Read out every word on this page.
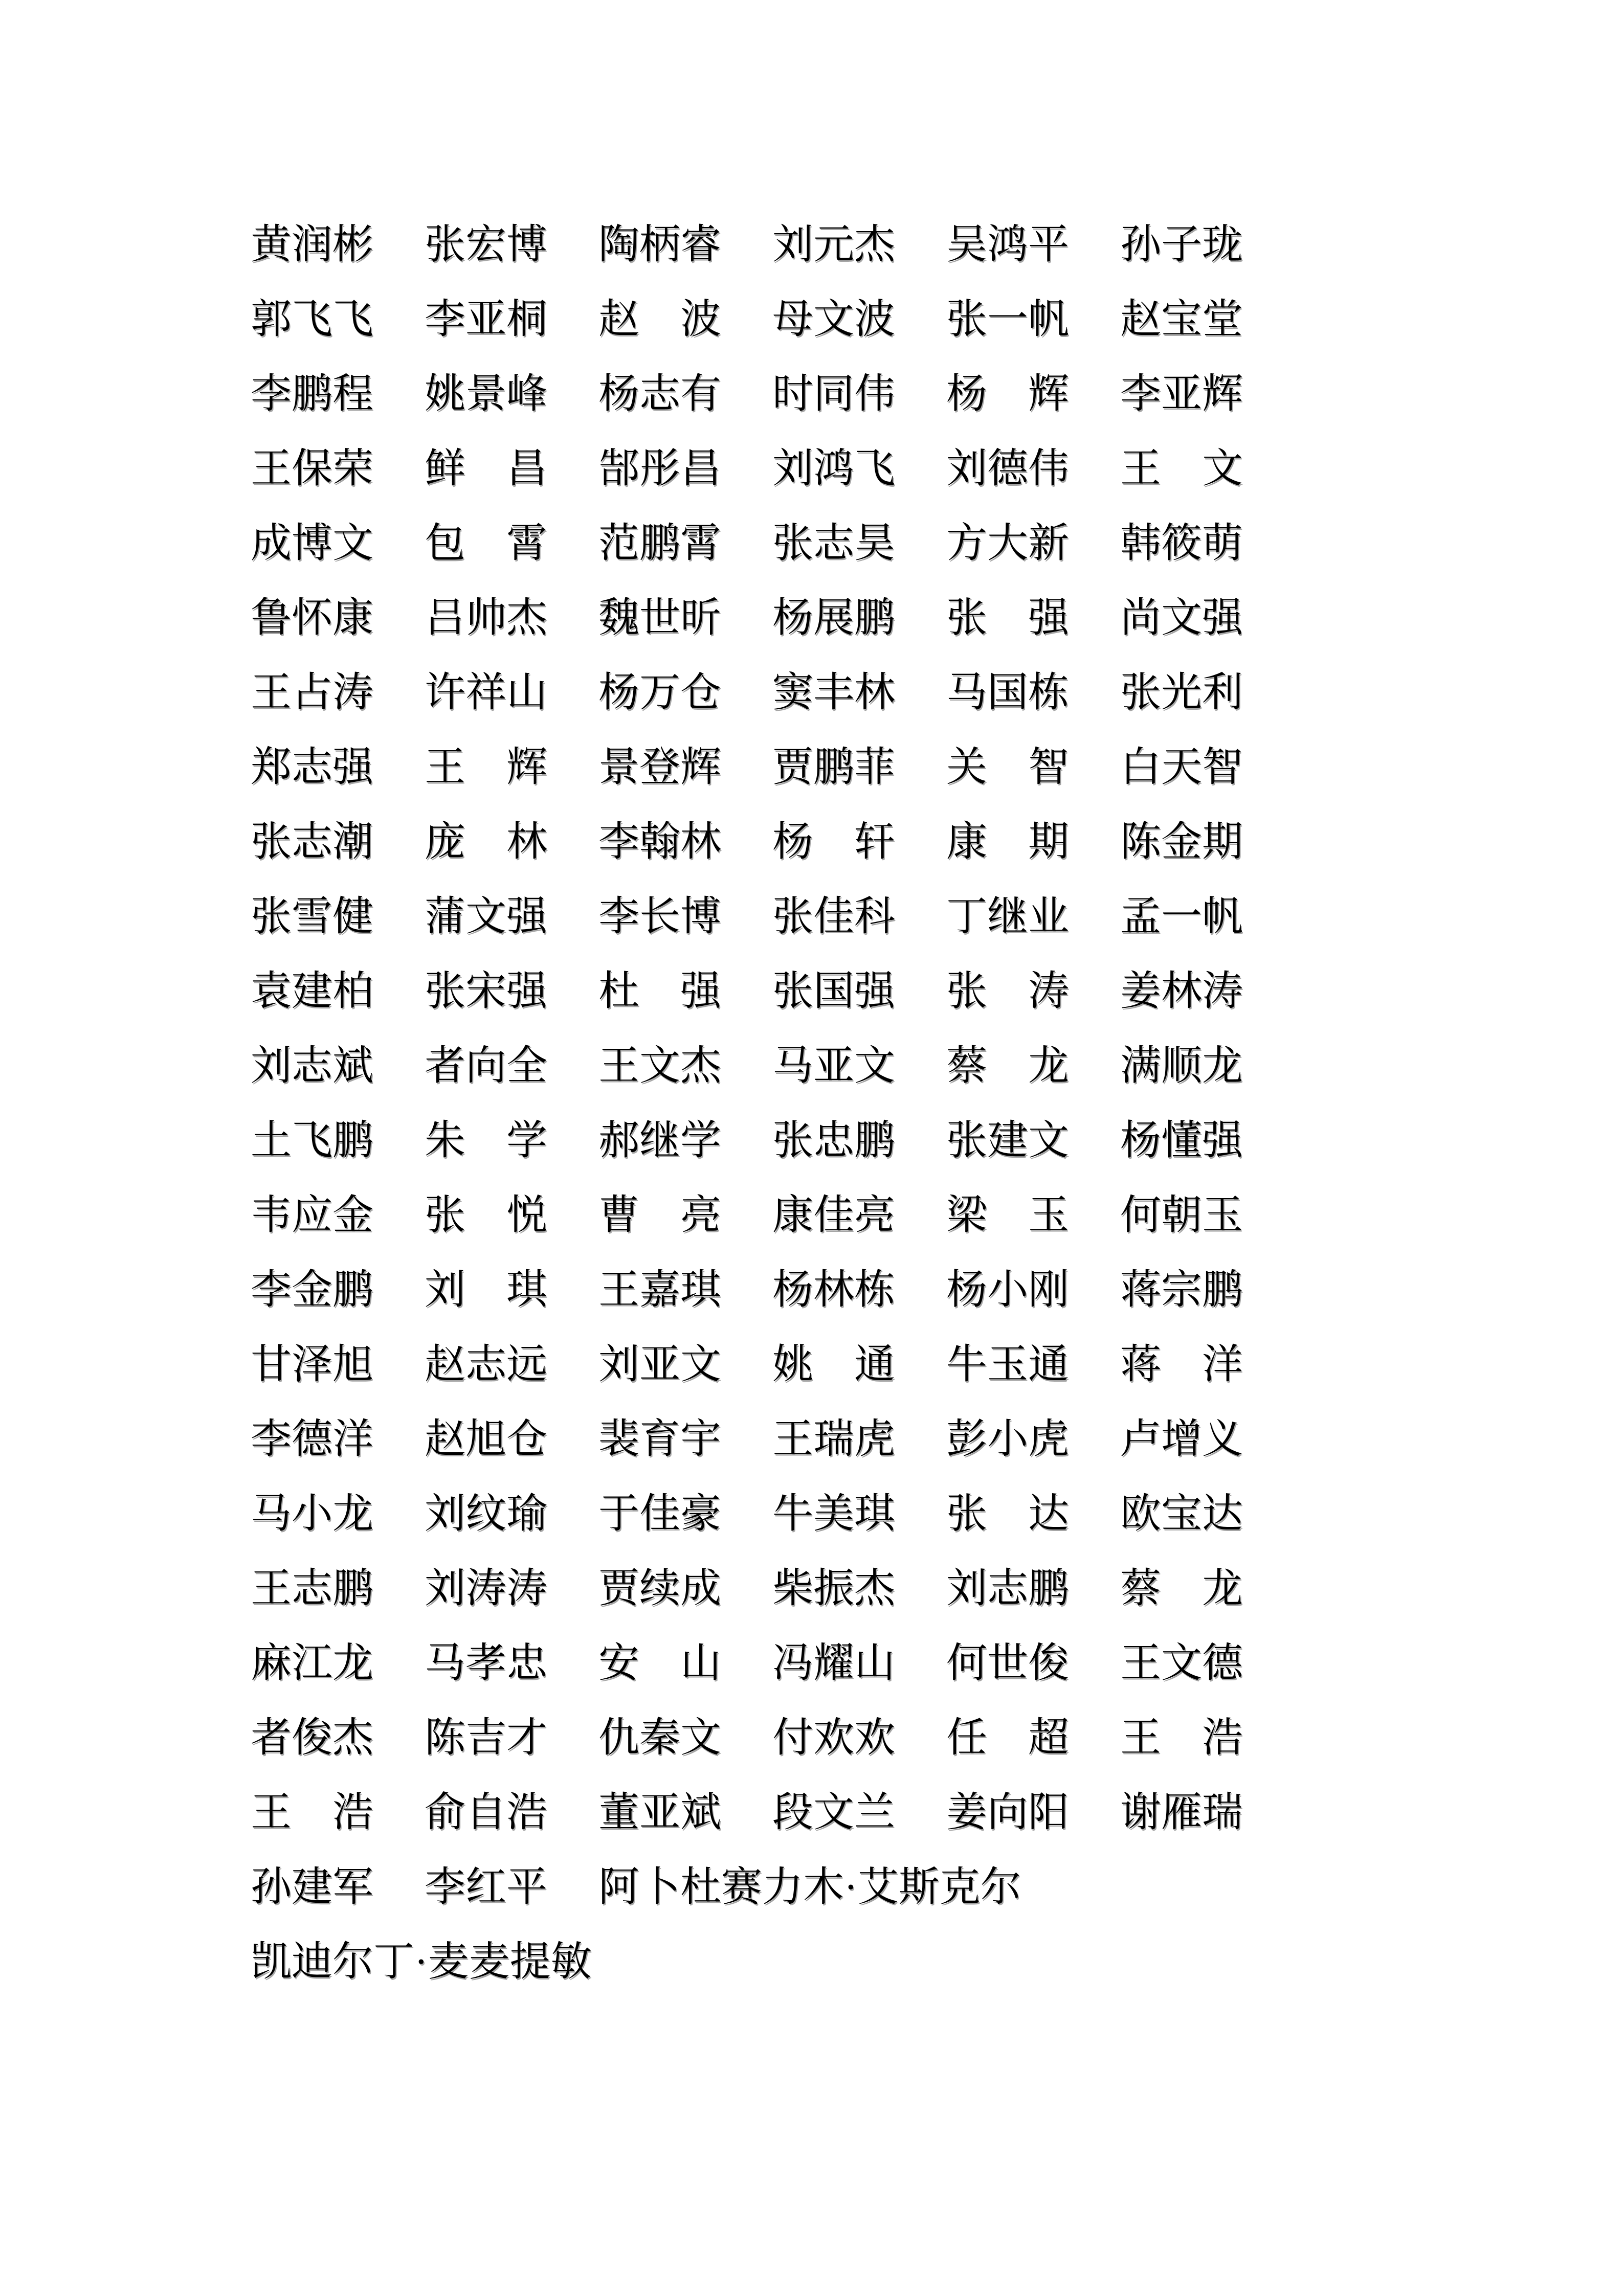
黄润彬 张宏博 陶柄睿 刘元杰 吴鸿平 孙子珑
郭飞飞 李亚桐 赵　波 母文波 张一帆 赵宝堂
李鹏程 姚景峰 杨志有 时同伟 杨　辉 李亚辉
王保荣 鲜　昌 郜彤昌 刘鸿飞 刘德伟 王　文
成博文 包　霄 范鹏霄 张志昊 方大新 韩筱萌
鲁怀康 吕帅杰 魏世昕 杨展鹏 张　强 尚文强
王占涛 许祥山 杨万仓 窦丰林 马国栋 张光利
郑志强 王　辉 景登辉 贾鹏菲 关　智 白天智
张志潮 庞　林 李翰林 杨　轩 康　期 陈金期
张雪健 蒲文强 李长博 张佳科 丁继业 孟一帆
袁建柏 张宋强 杜　强 张国强 张　涛 姜林涛
刘志斌 者向全 王文杰 马亚文 蔡　龙 满顺龙
土飞鹏 朱　学 郝继学 张忠鹏 张建文 杨懂强
韦应金 张　悦 曹　亮 康佳亮 梁　玉 何朝玉
李金鹏 刘　琪 王嘉琪 杨林栋 杨小刚 蒋宗鹏
甘泽旭 赵志远 刘亚文 姚　通 牛玉通 蒋　洋
李德洋 赵旭仓 裴育宇 王瑞虎 彭小虎 卢增义
马小龙 刘纹瑜 于佳豪 牛美琪 张　达 欧宝达
王志鹏 刘涛涛 贾续成 柴振杰 刘志鹏 蔡　龙
麻江龙 马孝忠 安　山 冯耀山 何世俊 王文德
者俊杰 陈吉才 仇秦文 付欢欢 任　超 王　浩
王　浩 俞自浩 董亚斌 段文兰 姜向阳 谢雁瑞
孙建军 李红平 阿卜杜赛力木·艾斯克尔
凯迪尔丁·麦麦提敏
